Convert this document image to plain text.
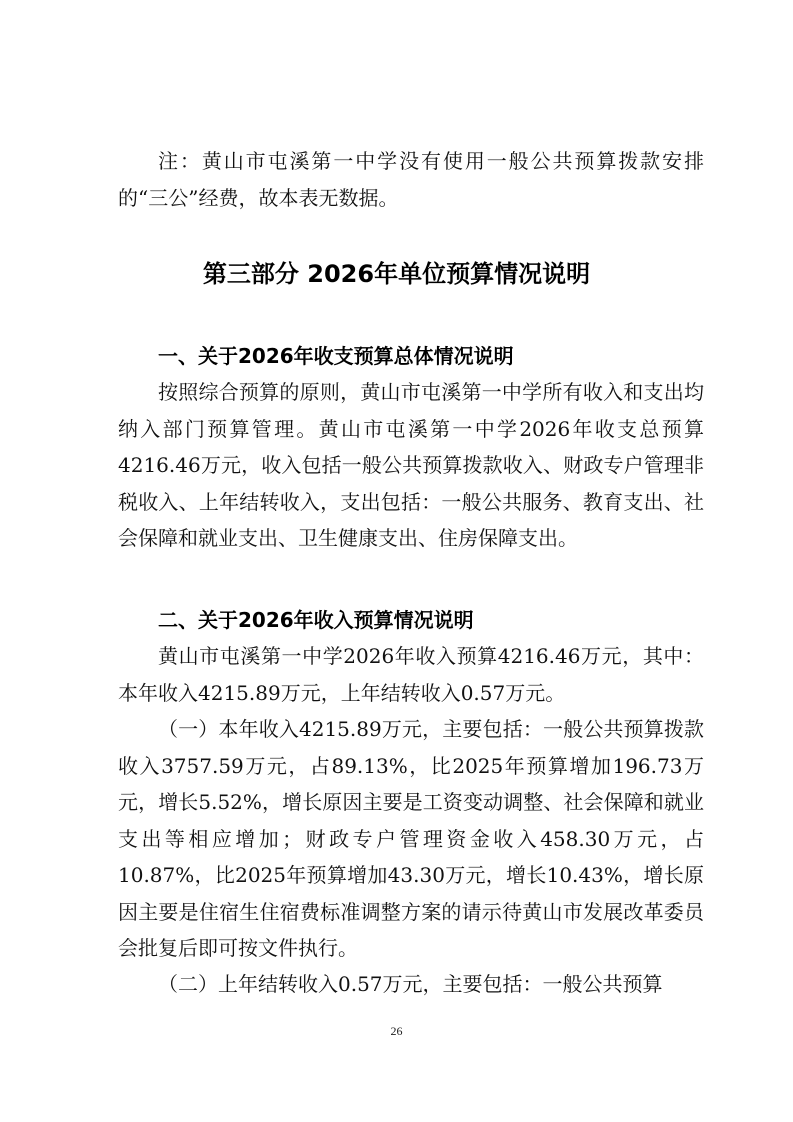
注：黄山市屯溪第一中学没有使用一般公共预算拨款安排的“三公”经费，故本表无数据。

第三部分 2026年单位预算情况说明
一、关于2026年收支预算总体情况说明

按照综合预算的原则，黄山市屯溪第一中学所有收入和支出均纳入部门预算管理。黄山市屯溪第一中学2026年收支总预算4216.46万元，收入包括一般公共预算拨款收入、财政专户管理非税收入、上年结转收入，支出包括：一般公共服务、教育支出、社会保障和就业支出、卫生健康支出、住房保障支出。

二、关于2026年收入预算情况说明

黄山市屯溪第一中学2026年收入预算4216.46万元，其中：本年收入4215.89万元，上年结转收入0.57万元。

（一）本年收入4215.89万元，主要包括：一般公共预算拨款收入3757.59万元，占89.13%，比2025年预算增加196.73万元，增长5.52%，增长原因主要是工资变动调整、社会保障和就业支出等相应增加；财政专户管理资金收入458.30万元，占10.87%，比2025年预算增加43.30万元，增长10.43%，增长原因主要是住宿生住宿费标准调整方案的请示待黄山市发展改革委员会批复后即可按文件执行。

（二）上年结转收入0.57万元，主要包括：一般公共预算

26
